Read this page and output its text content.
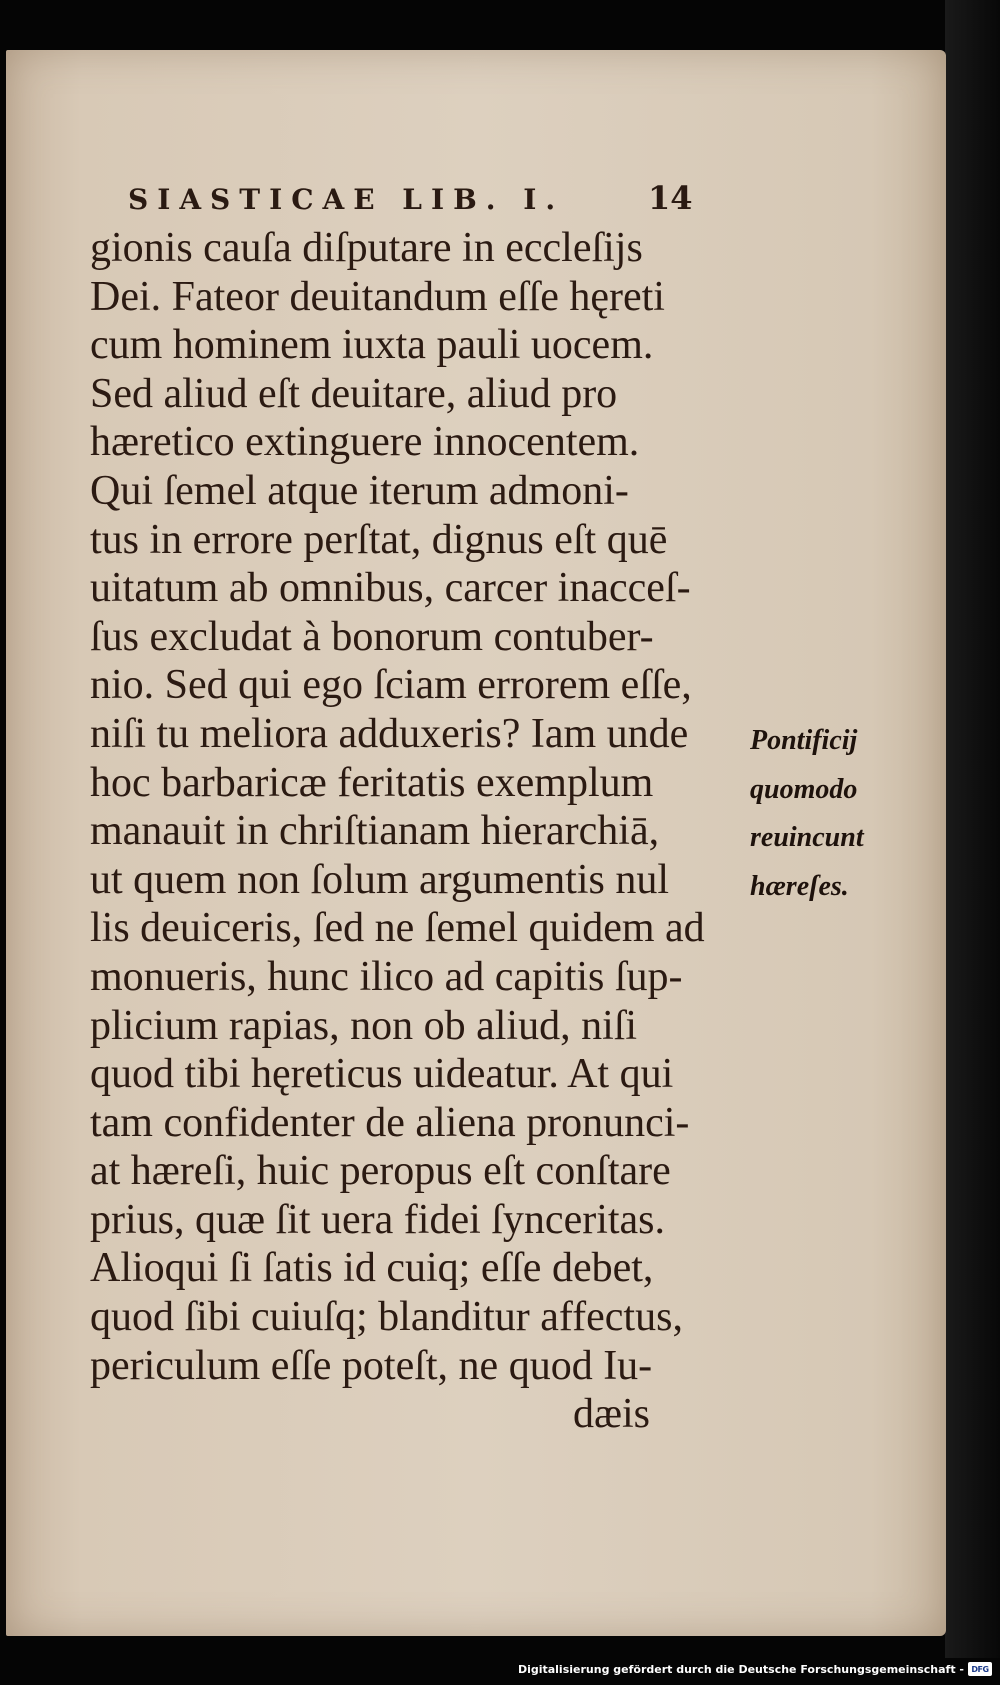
SIASTICAE LIB. I.	14
gionis cauſa diſputare in eccleſijs
Dei. Fateor deuitandum eſſe hęreti
cum hominem iuxta pauli uocem.
Sed aliud eſt deuitare, aliud pro
hæretico extinguere innocentem.
Qui ſemel atque iterum admoni-
tus in errore perſtat, dignus eſt quē
uitatum ab omnibus, carcer inacceſ-
ſus excludat à bonorum contuber-
nio. Sed qui ego ſciam errorem eſſe,
niſi tu meliora adduxeris? Iam unde
hoc barbaricæ feritatis exemplum
manauit in chriſtianam hierarchiā,
ut quem non ſolum argumentis nul
lis deuiceris, ſed ne ſemel quidem ad
monueris, hunc ilico ad capitis ſup-
plicium rapias, non ob aliud, niſi
quod tibi hęreticus uideatur. At qui
tam confidenter de aliena pronunci-
at hæreſi, huic peropus eſt conſtare
prius, quæ ſit uera fidei ſynceritas.
Alioqui ſi ſatis id cuiq; eſſe debet,
quod ſibi cuiuſq; blanditur affectus,
periculum eſſe poteſt, ne quod Iu-
dæis
Pontificij
quomodo
reuincunt
hæreſes.
Digitalisierung gefördert durch die Deutsche Forschungsgemeinschaft - DFG
